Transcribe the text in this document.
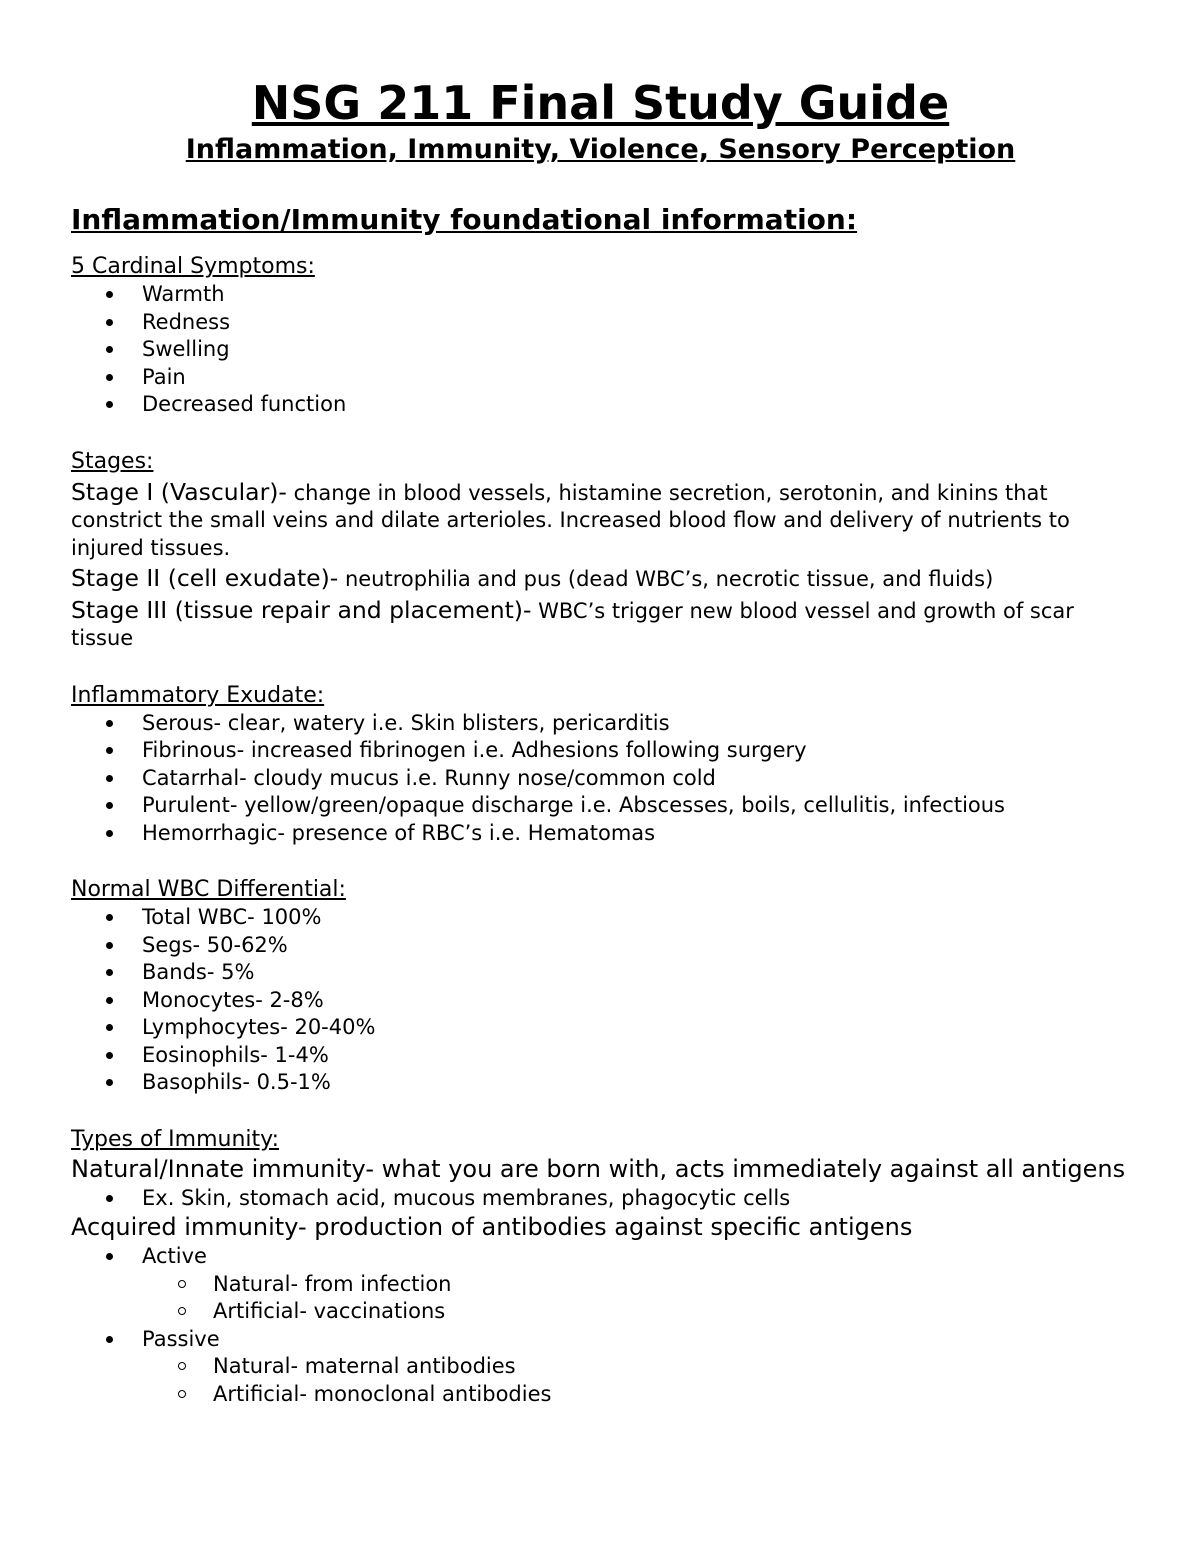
NSG 211 Final Study Guide
Inflammation, Immunity, Violence, Sensory Perception
Inflammation/Immunity foundational information:
5 Cardinal Symptoms:
Warmth
Redness
Swelling
Pain
Decreased function
Stages:

Stage I (Vascular)- change in blood vessels, histamine secretion, serotonin, and kinins that constrict the small veins and dilate arterioles. Increased blood flow and delivery of nutrients to injured tissues.

Stage II (cell exudate)- neutrophilia and pus (dead WBC’s, necrotic tissue, and fluids)

Stage III (tissue repair and placement)- WBC’s trigger new blood vessel and growth of scar tissue

Inflammatory Exudate:
Serous- clear, watery i.e. Skin blisters, pericarditis
Fibrinous- increased fibrinogen i.e. Adhesions following surgery
Catarrhal- cloudy mucus i.e. Runny nose/common cold
Purulent- yellow/green/opaque discharge i.e. Abscesses, boils, cellulitis, infectious
Hemorrhagic- presence of RBC’s i.e. Hematomas
Normal WBC Differential:
Total WBC- 100%
Segs- 50-62%
Bands- 5%
Monocytes- 2-8%
Lymphocytes- 20-40%
Eosinophils- 1-4%
Basophils- 0.5-1%
Types of Immunity:

Natural/Innate immunity- what you are born with, acts immediately against all antigens

Ex. Skin, stomach acid, mucous membranes, phagocytic cells

Acquired immunity- production of antibodies against specific antigens

Active
Natural- from infection
Artificial- vaccinations
Passive
Natural- maternal antibodies
Artificial- monoclonal antibodies
